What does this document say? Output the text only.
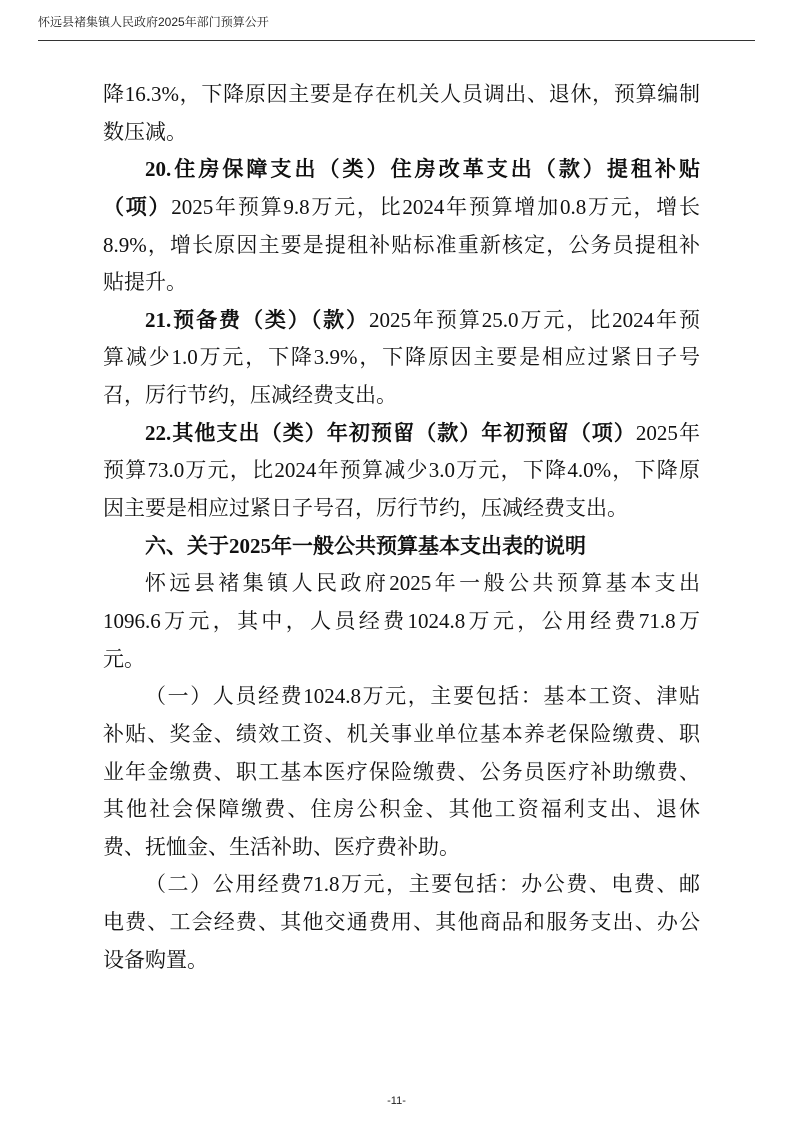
怀远县褚集镇人民政府2025年部门预算公开
降16.3%，下降原因主要是存在机关人员调出、退休，预算编制
数压减。
20.住房保障支出（类）住房改革支出（款）提租补贴
（项）2025年预算9.8万元，比2024年预算增加0.8万元，增长
8.9%，增长原因主要是提租补贴标准重新核定，公务员提租补
贴提升。
21.预备费（类）（款）2025年预算25.0万元，比2024年预
算减少1.0万元，下降3.9%，下降原因主要是相应过紧日子号
召，厉行节约，压减经费支出。
22.其他支出（类）年初预留（款）年初预留（项）2025年
预算73.0万元，比2024年预算减少3.0万元，下降4.0%，下降原
因主要是相应过紧日子号召，厉行节约，压减经费支出。
六、关于2025年一般公共预算基本支出表的说明
怀远县褚集镇人民政府2025年一般公共预算基本支出
1096.6万元，其中，人员经费1024.8万元，公用经费71.8万
元。
（一）人员经费1024.8万元，主要包括：基本工资、津贴
补贴、奖金、绩效工资、机关事业单位基本养老保险缴费、职
业年金缴费、职工基本医疗保险缴费、公务员医疗补助缴费、
其他社会保障缴费、住房公积金、其他工资福利支出、退休
费、抚恤金、生活补助、医疗费补助。
（二）公用经费71.8万元，主要包括：办公费、电费、邮
电费、工会经费、其他交通费用、其他商品和服务支出、办公
设备购置。
-11-
